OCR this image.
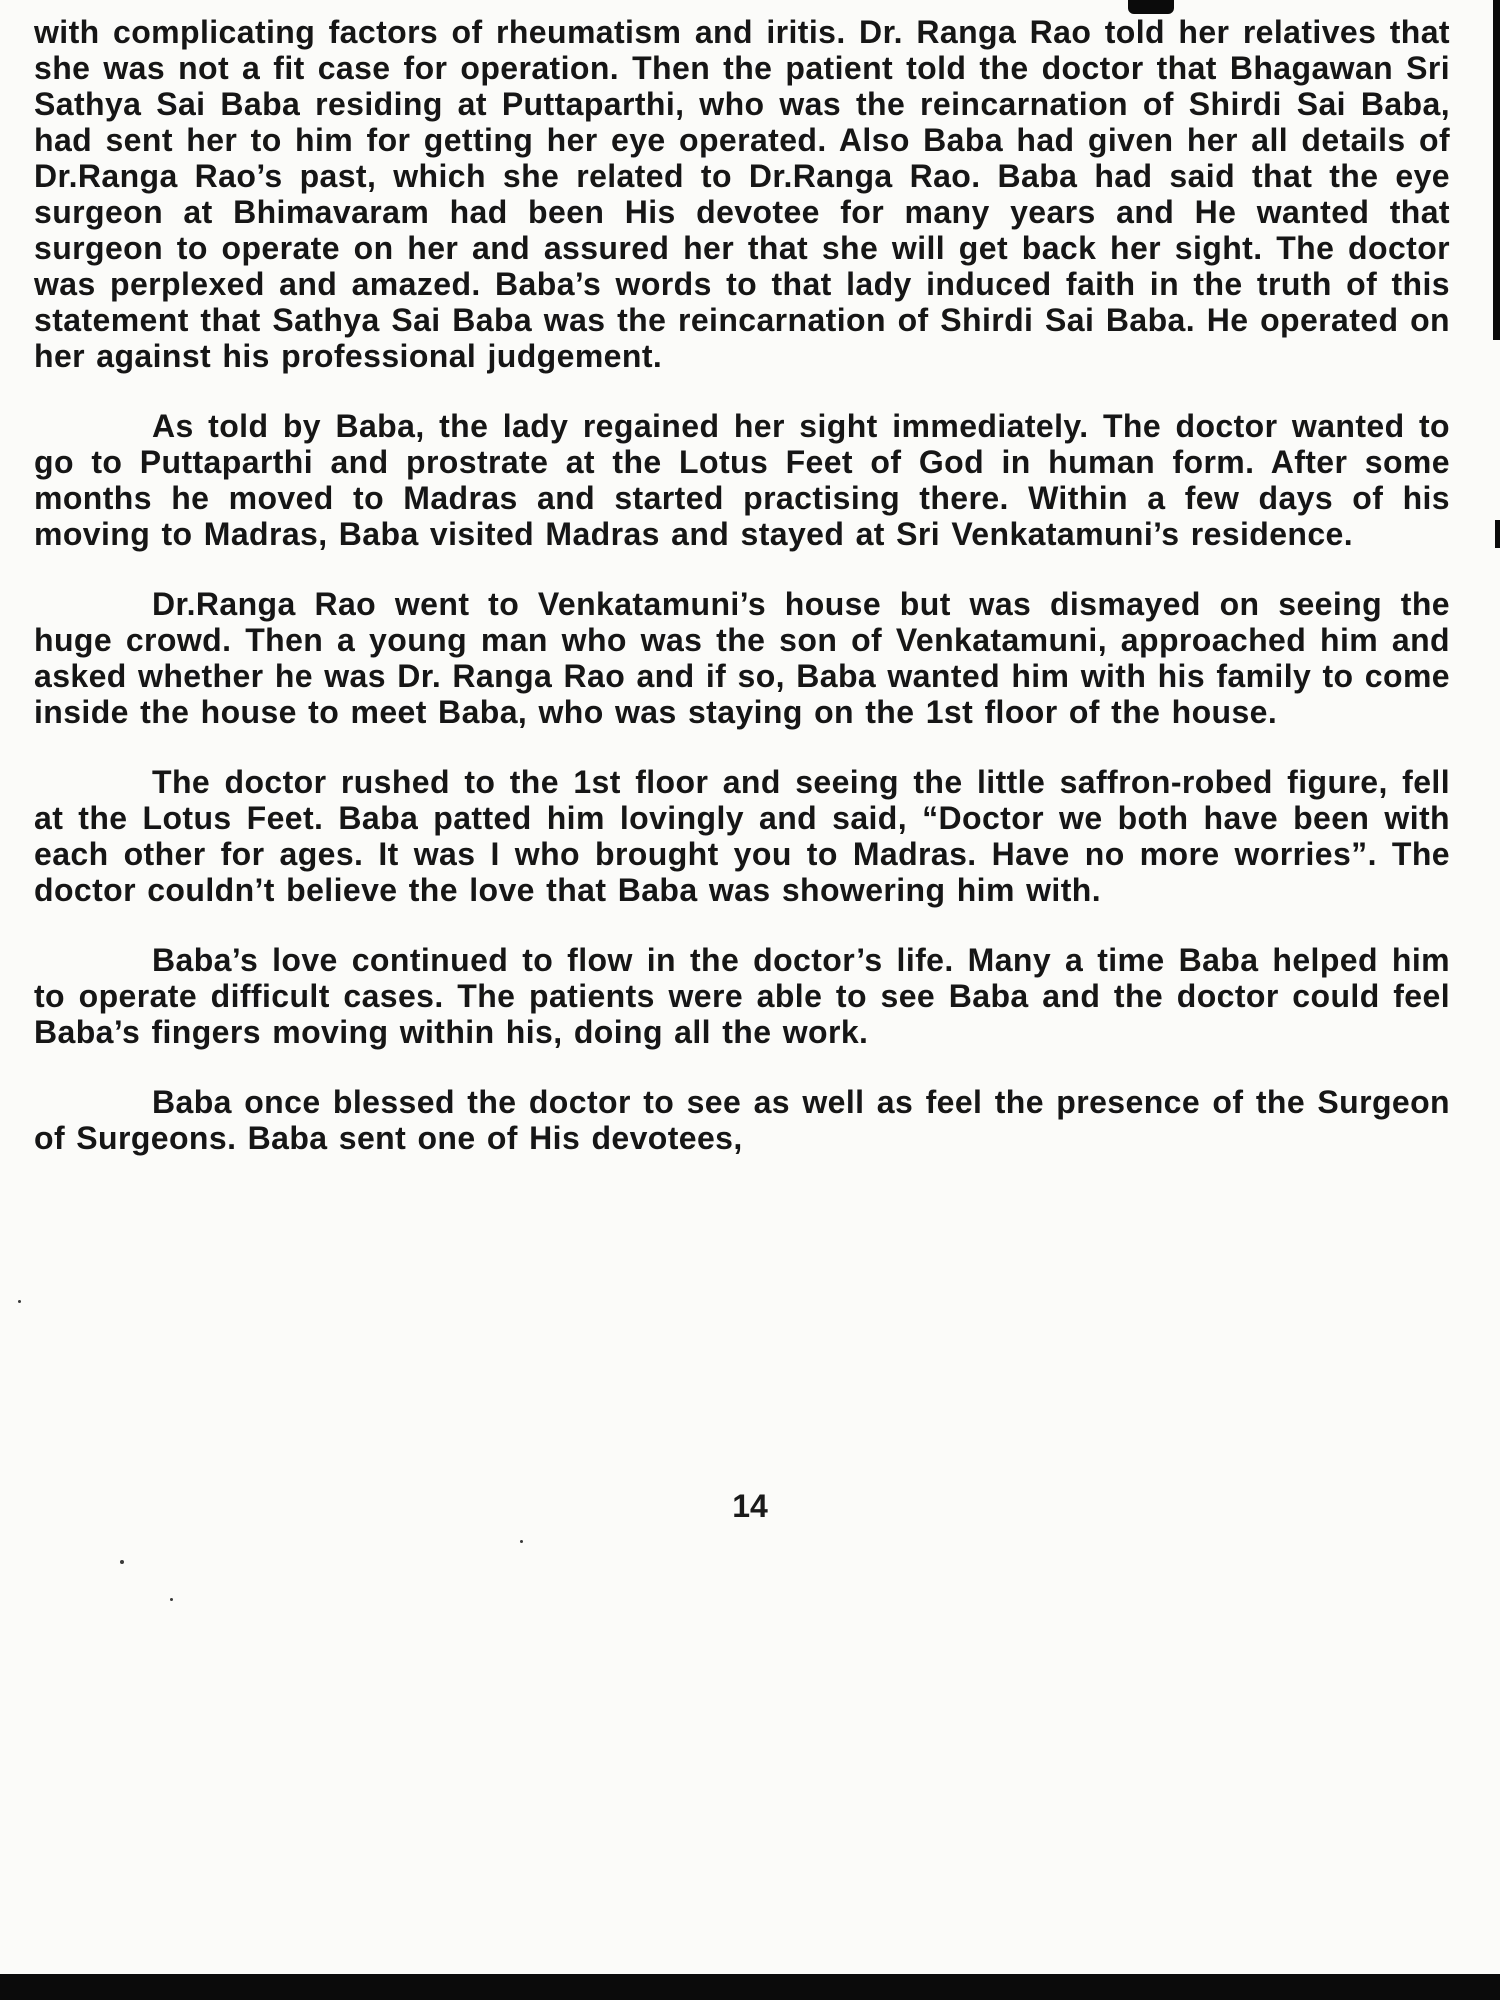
with complicating factors of rheumatism and iritis. Dr. Ranga Rao told her relatives that she was not a fit case for operation. Then the patient told the doctor that Bhagawan Sri Sathya Sai Baba residing at Puttaparthi, who was the reincarnation of Shirdi Sai Baba, had sent her to him for getting her eye operated. Also Baba had given her all details of Dr.Ranga Rao’s past, which she related to Dr.Ranga Rao. Baba had said that the eye surgeon at Bhimavaram had been His devotee for many years and He wanted that surgeon to operate on her and assured her that she will get back her sight. The doctor was perplexed and amazed. Baba’s words to that lady induced faith in the truth of this statement that Sathya Sai Baba was the reincarnation of Shirdi Sai Baba. He operated on her against his professional judgement.

As told by Baba, the lady regained her sight immediately. The doctor wanted to go to Puttaparthi and prostrate at the Lotus Feet of God in human form. After some months he moved to Madras and started practising there. Within a few days of his moving to Madras, Baba visited Madras and stayed at Sri Venkatamuni’s residence.

Dr.Ranga Rao went to Venkatamuni’s house but was dismayed on seeing the huge crowd. Then a young man who was the son of Venkatamuni, approached him and asked whether he was Dr. Ranga Rao and if so, Baba wanted him with his family to come inside the house to meet Baba, who was staying on the 1st floor of the house.

The doctor rushed to the 1st floor and seeing the little saffron-robed figure, fell at the Lotus Feet. Baba patted him lovingly and said, “Doctor we both have been with each other for ages. It was I who brought you to Madras. Have no more worries”. The doctor couldn’t believe the love that Baba was showering him with.

Baba’s love continued to flow in the doctor’s life. Many a time Baba helped him to operate difficult cases. The patients were able to see Baba and the doctor could feel Baba’s fingers moving within his, doing all the work.

Baba once blessed the doctor to see as well as feel the presence of the Surgeon of Surgeons. Baba sent one of His devotees,

14
